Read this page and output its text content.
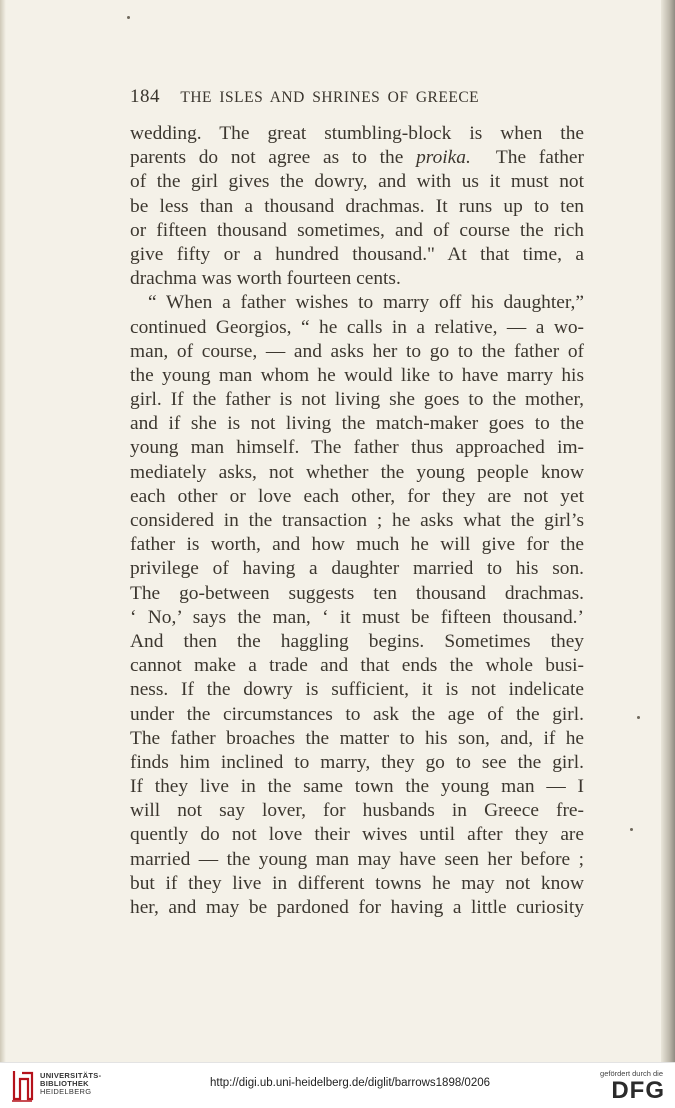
184 THE ISLES AND SHRINES OF GREECE
wedding. The great stumbling-block is when the
parents do not agree as to the proika.  The father
of the girl gives the dowry, and with us it must not
be less than a thousand drachmas. It runs up to ten
or fifteen thousand sometimes, and of course the rich
give fifty or a hundred thousand." At that time, a
drachma was worth fourteen cents.
“ When a father wishes to marry off his daughter,”
continued Georgios, “ he calls in a relative, — a wo-
man, of course, — and asks her to go to the father of
the young man whom he would like to have marry his
girl. If the father is not living she goes to the mother,
and if she is not living the match-maker goes to the
young man himself. The father thus approached im-
mediately asks, not whether the young people know
each other or love each other, for they are not yet
considered in the transaction ; he asks what the girl’s
father is worth, and how much he will give for the
privilege of having a daughter married to his son.
The go-between suggests ten thousand drachmas.
‘ No,’ says the man, ‘ it must be fifteen thousand.’
And then the haggling begins. Sometimes they
cannot make a trade and that ends the whole busi-
ness. If the dowry is sufficient, it is not indelicate
under the circumstances to ask the age of the girl.
The father broaches the matter to his son, and, if he
finds him inclined to marry, they go to see the girl.
If they live in the same town the young man — I
will not say lover, for husbands in Greece fre-
quently do not love their wives until after they are
married — the young man may have seen her before ;
but if they live in different towns he may not know
her, and may be pardoned for having a little curiosity
UNIVERSITÄTS-
BIBLIOTHEK
HEIDELBERG
http://digi.ub.uni-heidelberg.de/diglit/barrows1898/0206
gefördert durch die
DFG
